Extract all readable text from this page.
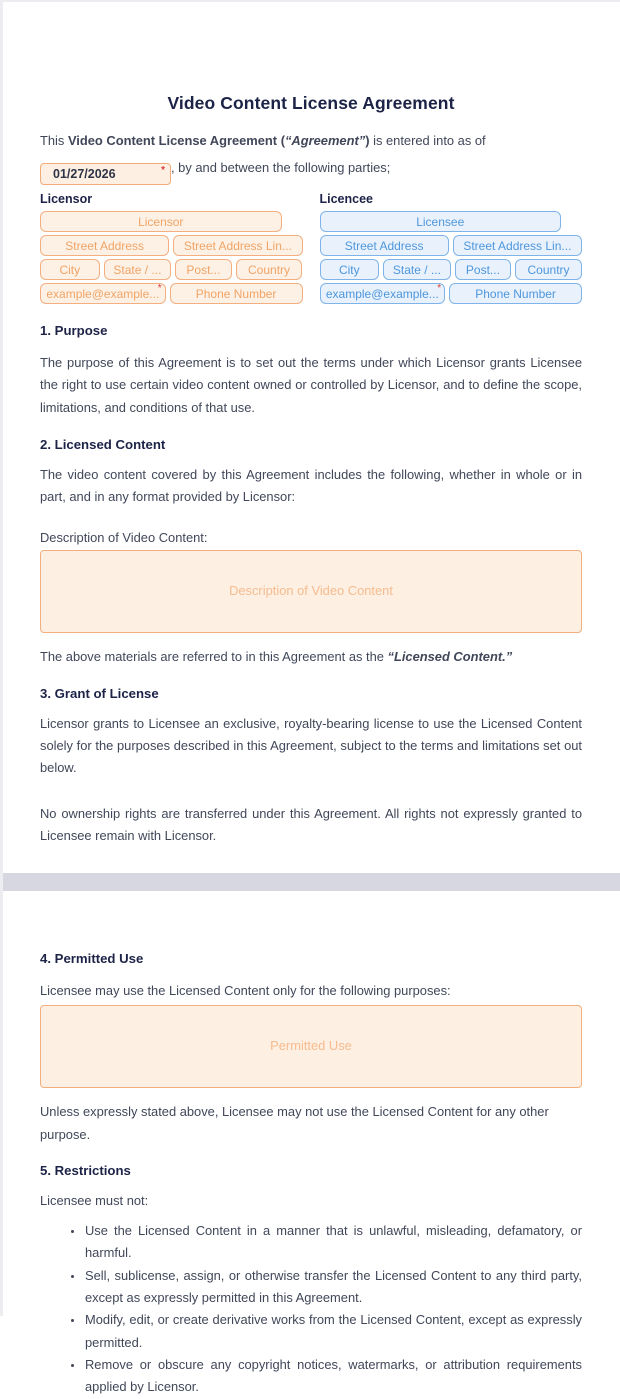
Video Content License Agreement
This Video Content License Agreement (“Agreement”) is entered into as of 01/27/2026	* , by and between the following parties;
Licensor
Licensor
Street Address
Street Address Lin...
City
State / ...
Post...
Country
example@example...
*
Phone Number
Licencee
Licensee
Street Address
Street Address Lin...
City
State / ...
Post...
Country
example@example...
*
Phone Number
1. Purpose
The purpose of this Agreement is to set out the terms under which Licensor grants Licensee the right to use certain video content owned or controlled by Licensor, and to define the scope, limitations, and conditions of that use.
2. Licensed Content
The video content covered by this Agreement includes the following, whether in whole or in part, and in any format provided by Licensor:
Description of Video Content:
Description of Video Content
The above materials are referred to in this Agreement as the “Licensed Content.”
3. Grant of License
Licensor grants to Licensee an exclusive, royalty-bearing license to use the Licensed Content solely for the purposes described in this Agreement, subject to the terms and limitations set out below.
No ownership rights are transferred under this Agreement. All rights not expressly granted to Licensee remain with Licensor.
4. Permitted Use
Licensee may use the Licensed Content only for the following purposes:
Permitted Use
Unless expressly stated above, Licensee may not use the Licensed Content for any other purpose.
5. Restrictions
Licensee must not:
• Use the Licensed Content in a manner that is unlawful, misleading, defamatory, or harmful.
• Sell, sublicense, assign, or otherwise transfer the Licensed Content to any third party, except as expressly permitted in this Agreement.
• Modify, edit, or create derivative works from the Licensed Content, except as expressly permitted.
• Remove or obscure any copyright notices, watermarks, or attribution requirements applied by Licensor.
